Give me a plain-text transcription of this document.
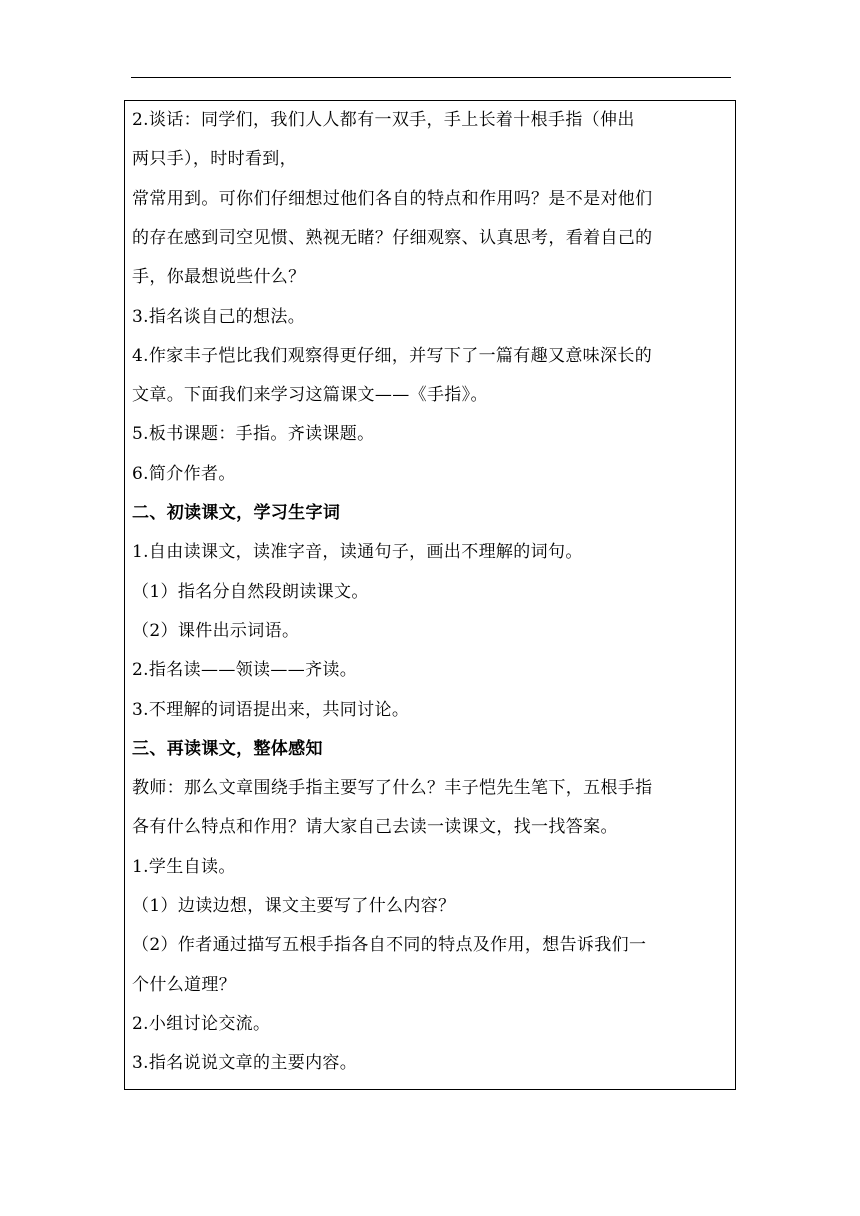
2.谈话：同学们，我们人人都有一双手，手上长着十根手指（伸出
两只手），时时看到，
常常用到。可你们仔细想过他们各自的特点和作用吗？是不是对他们
的存在感到司空见惯、熟视无睹？仔细观察、认真思考，看着自己的
手，你最想说些什么？
3.指名谈自己的想法。
4.作家丰子恺比我们观察得更仔细，并写下了一篇有趣又意味深长的
文章。下面我们来学习这篇课文——《手指》。
5.板书课题：手指。齐读课题。
6.简介作者。
二、初读课文，学习生字词
1.自由读课文，读准字音，读通句子，画出不理解的词句。
（1）指名分自然段朗读课文。
（2）课件出示词语。
2.指名读——领读——齐读。
3.不理解的词语提出来，共同讨论。
三、再读课文，整体感知
教师：那么文章围绕手指主要写了什么？丰子恺先生笔下，五根手指
各有什么特点和作用？请大家自己去读一读课文，找一找答案。
1.学生自读。
（1）边读边想，课文主要写了什么内容？
（2）作者通过描写五根手指各自不同的特点及作用，想告诉我们一
个什么道理？
2.小组讨论交流。
3.指名说说文章的主要内容。
